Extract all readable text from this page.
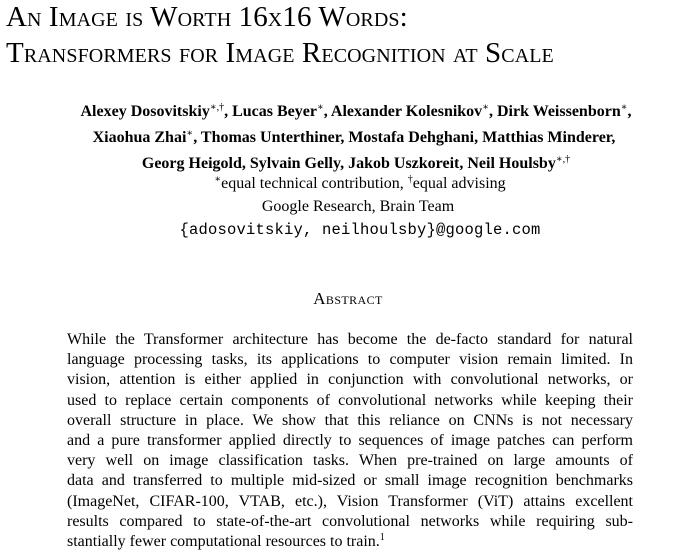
An Image is Worth 16x16 Words:
Transformers for Image Recognition at Scale
Alexey Dosovitskiy∗,†, Lucas Beyer∗, Alexander Kolesnikov∗, Dirk Weissenborn∗,
Xiaohua Zhai∗, Thomas Unterthiner, Mostafa Dehghani, Matthias Minderer,
Georg Heigold, Sylvain Gelly, Jakob Uszkoreit, Neil Houlsby∗,†
∗equal technical contribution, †equal advising
Google Research, Brain Team
{adosovitskiy, neilhoulsby}@google.com
Abstract
While the Transformer architecture has become the de-facto standard for natural
language processing tasks, its applications to computer vision remain limited. In
vision, attention is either applied in conjunction with convolutional networks, or
used to replace certain components of convolutional networks while keeping their
overall structure in place. We show that this reliance on CNNs is not necessary
and a pure transformer applied directly to sequences of image patches can perform
very well on image classification tasks. When pre-trained on large amounts of
data and transferred to multiple mid-sized or small image recognition benchmarks
(ImageNet, CIFAR-100, VTAB, etc.), Vision Transformer (ViT) attains excellent
results compared to state-of-the-art convolutional networks while requiring sub-
stantially fewer computational resources to train.$^1$
